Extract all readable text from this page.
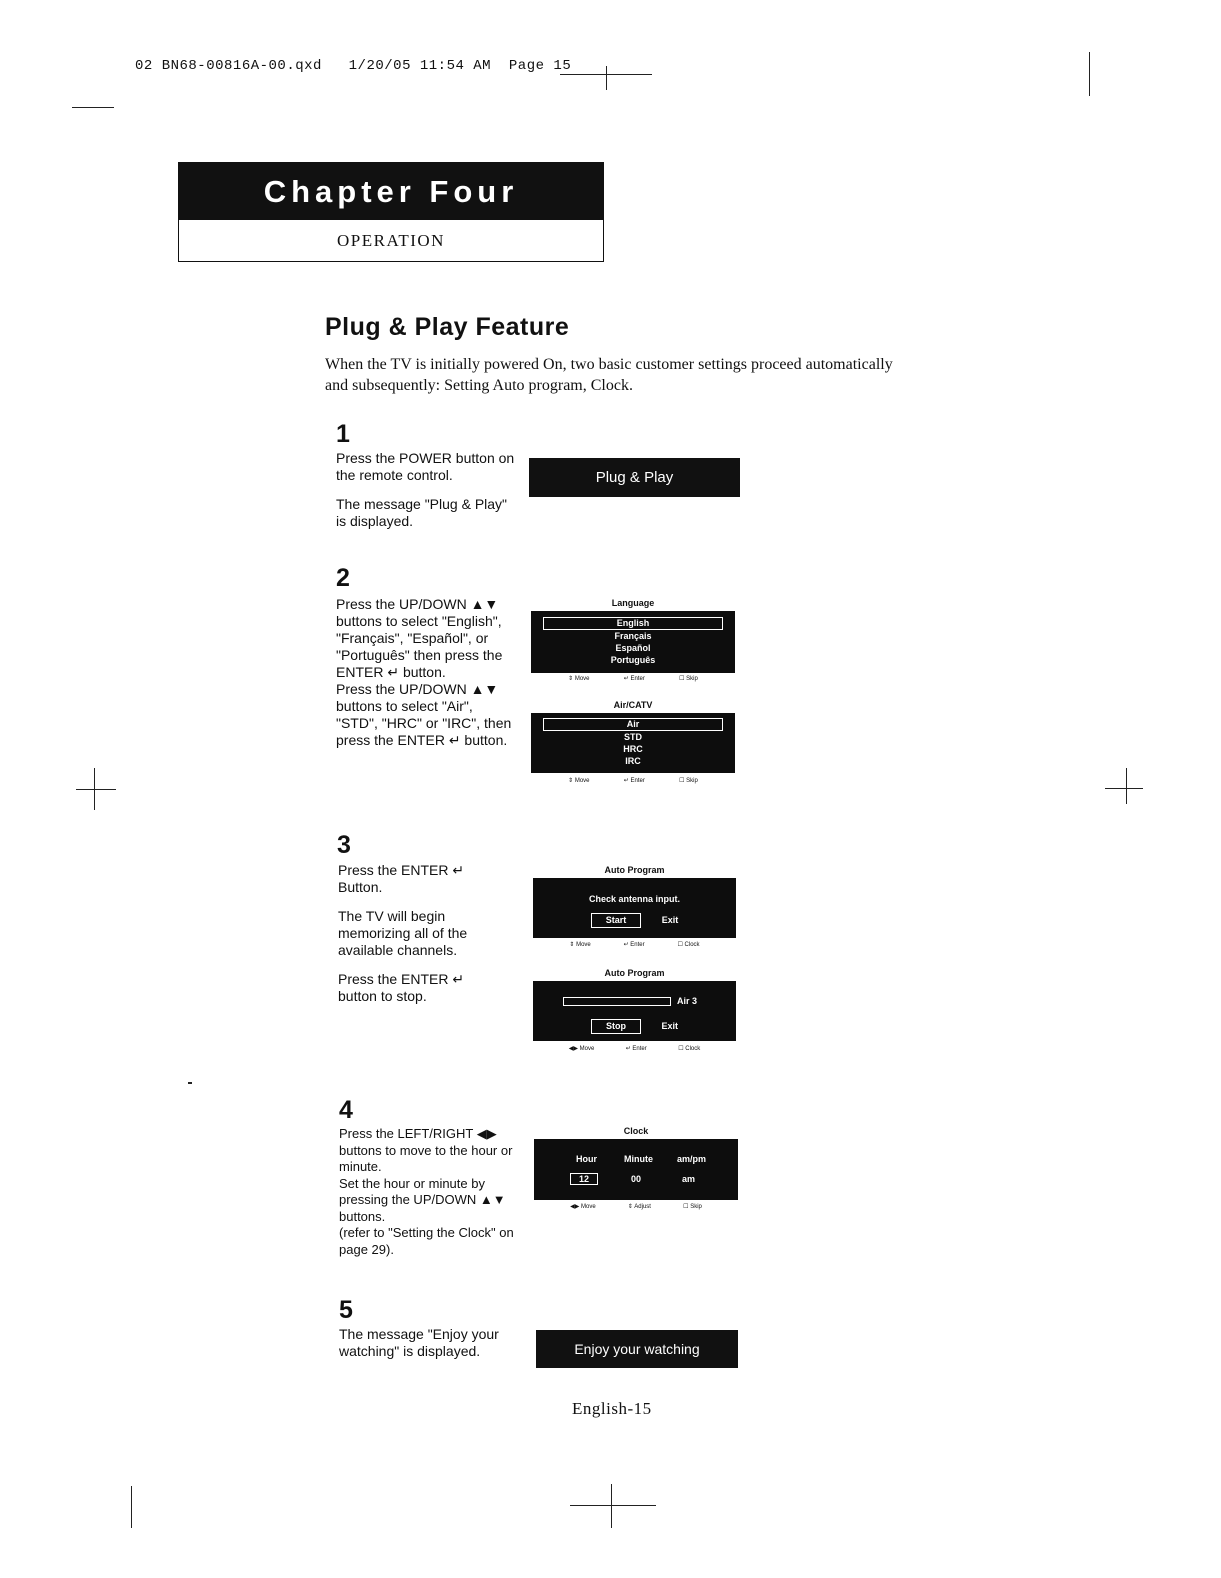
02 BN68-00816A-00.qxd 1/20/05 11:54 AM Page 15
Chapter Four
OPERATION
Plug & Play Feature
When the TV is initially powered On, two basic customer settings proceed automatically and subsequently: Setting Auto program, Clock.
1

Press the POWER button on the remote control.

The message "Plug & Play" is displayed.

Plug & Play
2

Press the UP/DOWN ▲▼ buttons to select "English", "Français", "Español", or "Português" then press the ENTER ↵ button.

Press the UP/DOWN ▲▼ buttons to select "Air", "STD", "HRC" or "IRC", then press the ENTER ↵ button.

Language
English
Français
Español
Português
⇕ Move	↵ Enter	☐ Skip
Air/CATV
Air
STD
HRC
IRC
⇕ Move	↵ Enter	☐ Skip
3

Press the ENTER ↵ Button.

The TV will begin memorizing all of the available channels.

Press the ENTER ↵ button to stop.

Auto Program
Check antenna input.
Start	Exit
⇕ Move	↵ Enter	☐ Clock
Auto Program
Air 3
Stop	Exit
◀▶ Move	↵ Enter	☐ Clock
4

Press the LEFT/RIGHT ◀▶ buttons to move to the hour or minute.

Set the hour or minute by pressing the UP/DOWN ▲▼ buttons.

(refer to "Setting the Clock" on page 29).

Clock
Hour	Minute	am/pm
12	00	am
◀▶ Move	⇕ Adjust	☐ Skip
5

The message "Enjoy your watching" is displayed.	Enjoy your watching
English-15
